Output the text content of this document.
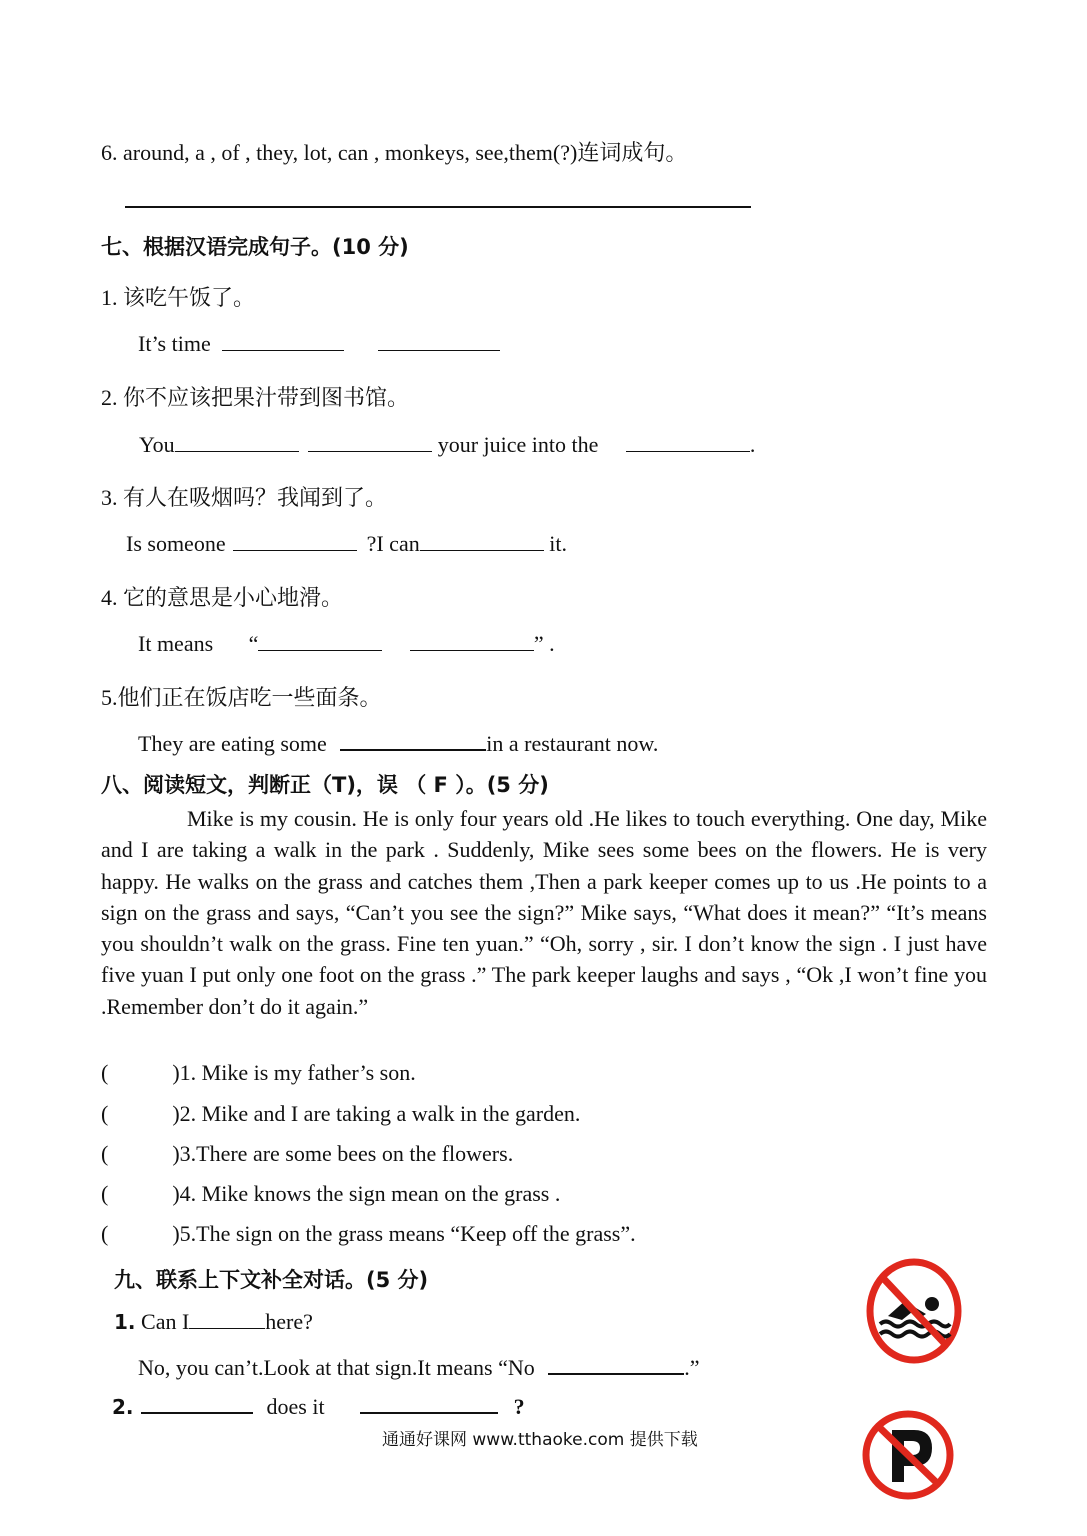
6. around, a , of , they, lot, can , monkeys, see,them(?)连词成句。
七、根据汉语完成句子。(10 分)
1. 该吃午饭了。
It’s time
2. 你不应该把果汁带到图书馆。
You	your juice into the	.
3. 有人在吸烟吗？我闻到了。
Is someone	?I can	it.
4. 它的意思是小心地滑。
It means “	” .
5.他们正在饭店吃一些面条。
They are eating some	in a restaurant now.
八、阅读短文，判断正（T)，误 （ F ）。(5 分)
Mike is my cousin. He is only four years old .He likes to touch everything. One day, Mike and I are taking a walk in the park . Suddenly, Mike sees some bees on the flowers. He is very happy. He walks on the grass and catches them ,Then a park keeper comes up to us .He points to a sign on the grass and says, “Can’t you see the sign?” Mike says, “What does it mean?” “It’s means you shouldn’t walk on the grass. Fine ten yuan.” “Oh, sorry , sir. I don’t know the sign . I just have five yuan I put only one foot on the grass .” The park keeper laughs and says , “Ok ,I won’t fine you .Remember don’t do it again.”
(	)1. Mike is my father’s son.
(	)2. Mike and I are taking a walk in the garden.
(	)3.There are some bees on the flowers.
(	)4. Mike knows the sign mean on the grass .
(	)5.The sign on the grass means “Keep off the grass”.
九、联系上下文补全对话。(5 分)
1. Can I	here?
No, you can’t.Look at that sign.It means “No	.”
2.	does it	?
通通好课网 www.tthaoke.com 提供下载
